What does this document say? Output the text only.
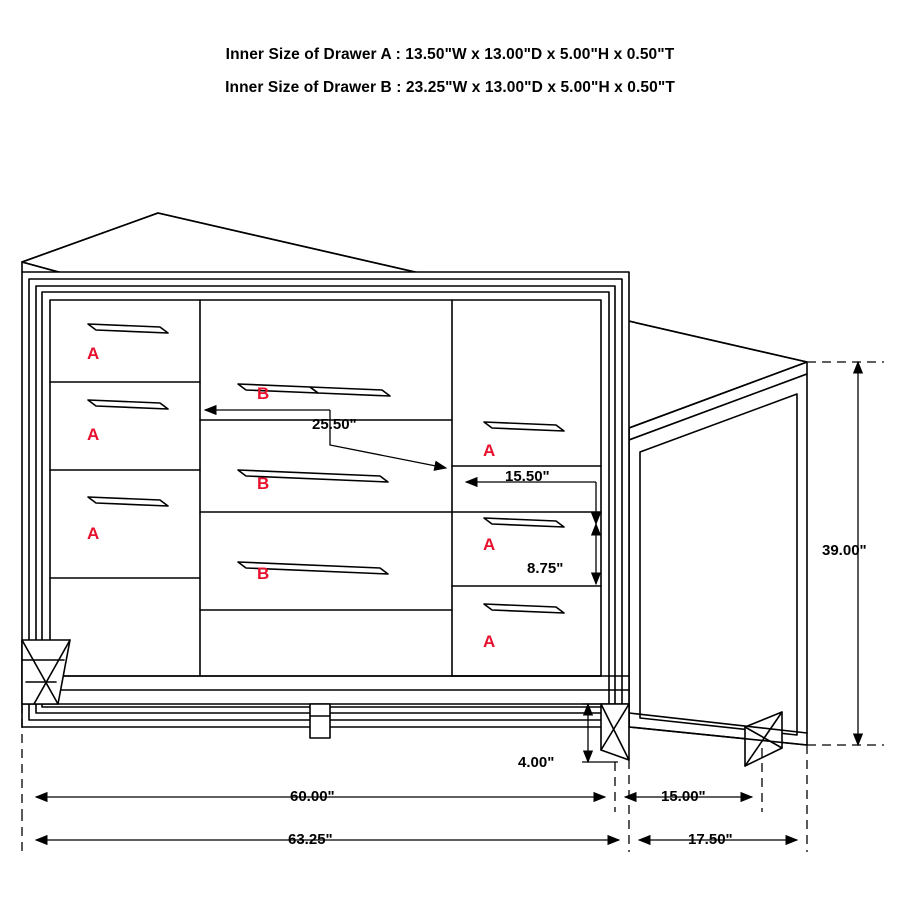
Inner Size of Drawer A : 13.50"W x 13.00"D x 5.00"H x 0.50"T
Inner Size of Drawer B : 23.25"W x 13.00"D x 5.00"H x 0.50"T
A
A
A
B
B
B
A
A
A
25.50"
15.50"
8.75"
39.00"
4.00"
60.00"	15.00"
63.25"	17.50"
